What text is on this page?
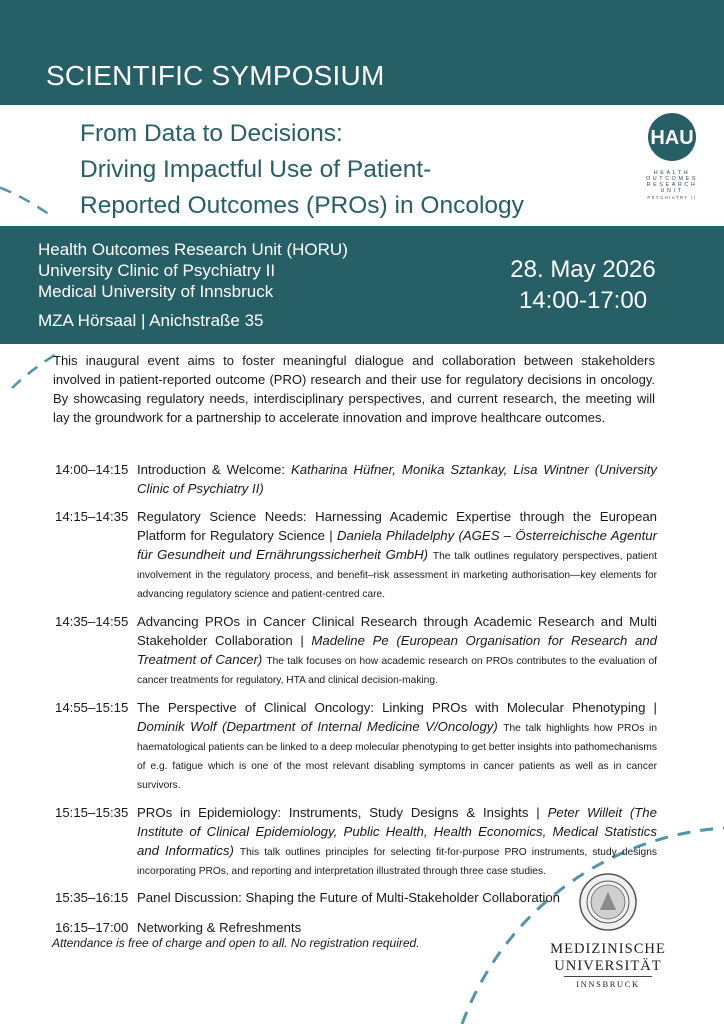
SCIENTIFIC SYMPOSIUM
From Data to Decisions:
Driving Impactful Use of Patient-
Reported Outcomes (PROs) in Oncology
HAU
HEALTH
OUTCOMES
RESEARCH
UNIT
PSYCHIATRY II
Health Outcomes Research Unit (HORU)
University Clinic of Psychiatry II
Medical University of Innsbruck
MZA Hörsaal | Anichstraße 35
28. May 2026
14:00-17:00
This inaugural event aims to foster meaningful dialogue and collaboration between stakeholders involved in patient-reported outcome (PRO) research and their use for regulatory decisions in oncology. By showcasing regulatory needs, interdisciplinary perspectives, and current research, the meeting will lay the groundwork for a partnership to accelerate innovation and improve healthcare outcomes.
14:00–14:15 Introduction & Welcome: Katharina Hüfner, Monika Sztankay, Lisa Wintner (University Clinic of Psychiatry II)
14:15–14:35 Regulatory Science Needs: Harnessing Academic Expertise through the European Platform for Regulatory Science | Daniela Philadelphy (AGES – Österreichische Agentur für Gesundheit und Ernährungssicherheit GmbH) The talk outlines regulatory perspectives, patient involvement in the regulatory process, and benefit–risk assessment in marketing authorisation—key elements for advancing regulatory science and patient-centred care.
14:35–14:55 Advancing PROs in Cancer Clinical Research through Academic Research and Multi Stakeholder Collaboration | Madeline Pe (European Organisation for Research and Treatment of Cancer) The talk focuses on how academic research on PROs contributes to the evaluation of cancer treatments for regulatory, HTA and clinical decision-making.
14:55–15:15 The Perspective of Clinical Oncology: Linking PROs with Molecular Phenotyping | Dominik Wolf (Department of Internal Medicine V/Oncology) The talk highlights how PROs in haematological patients can be linked to a deep molecular phenotyping to get better insights into pathomechanisms of e.g. fatigue which is one of the most relevant disabling symptoms in cancer patients as well as in cancer survivors.
15:15–15:35 PROs in Epidemiology: Instruments, Study Designs & Insights | Peter Willeit (The Institute of Clinical Epidemiology, Public Health, Health Economics, Medical Statistics and Informatics) This talk outlines principles for selecting fit-for-purpose PRO instruments, study designs incorporating PROs, and reporting and interpretation illustrated through three case studies.
15:35–16:15 Panel Discussion: Shaping the Future of Multi-Stakeholder Collaboration
16:15–17:00 Networking & Refreshments
Attendance is free of charge and open to all. No registration required.	MEDIZINISCHE
UNIVERSITÄT
INNSBRUCK
